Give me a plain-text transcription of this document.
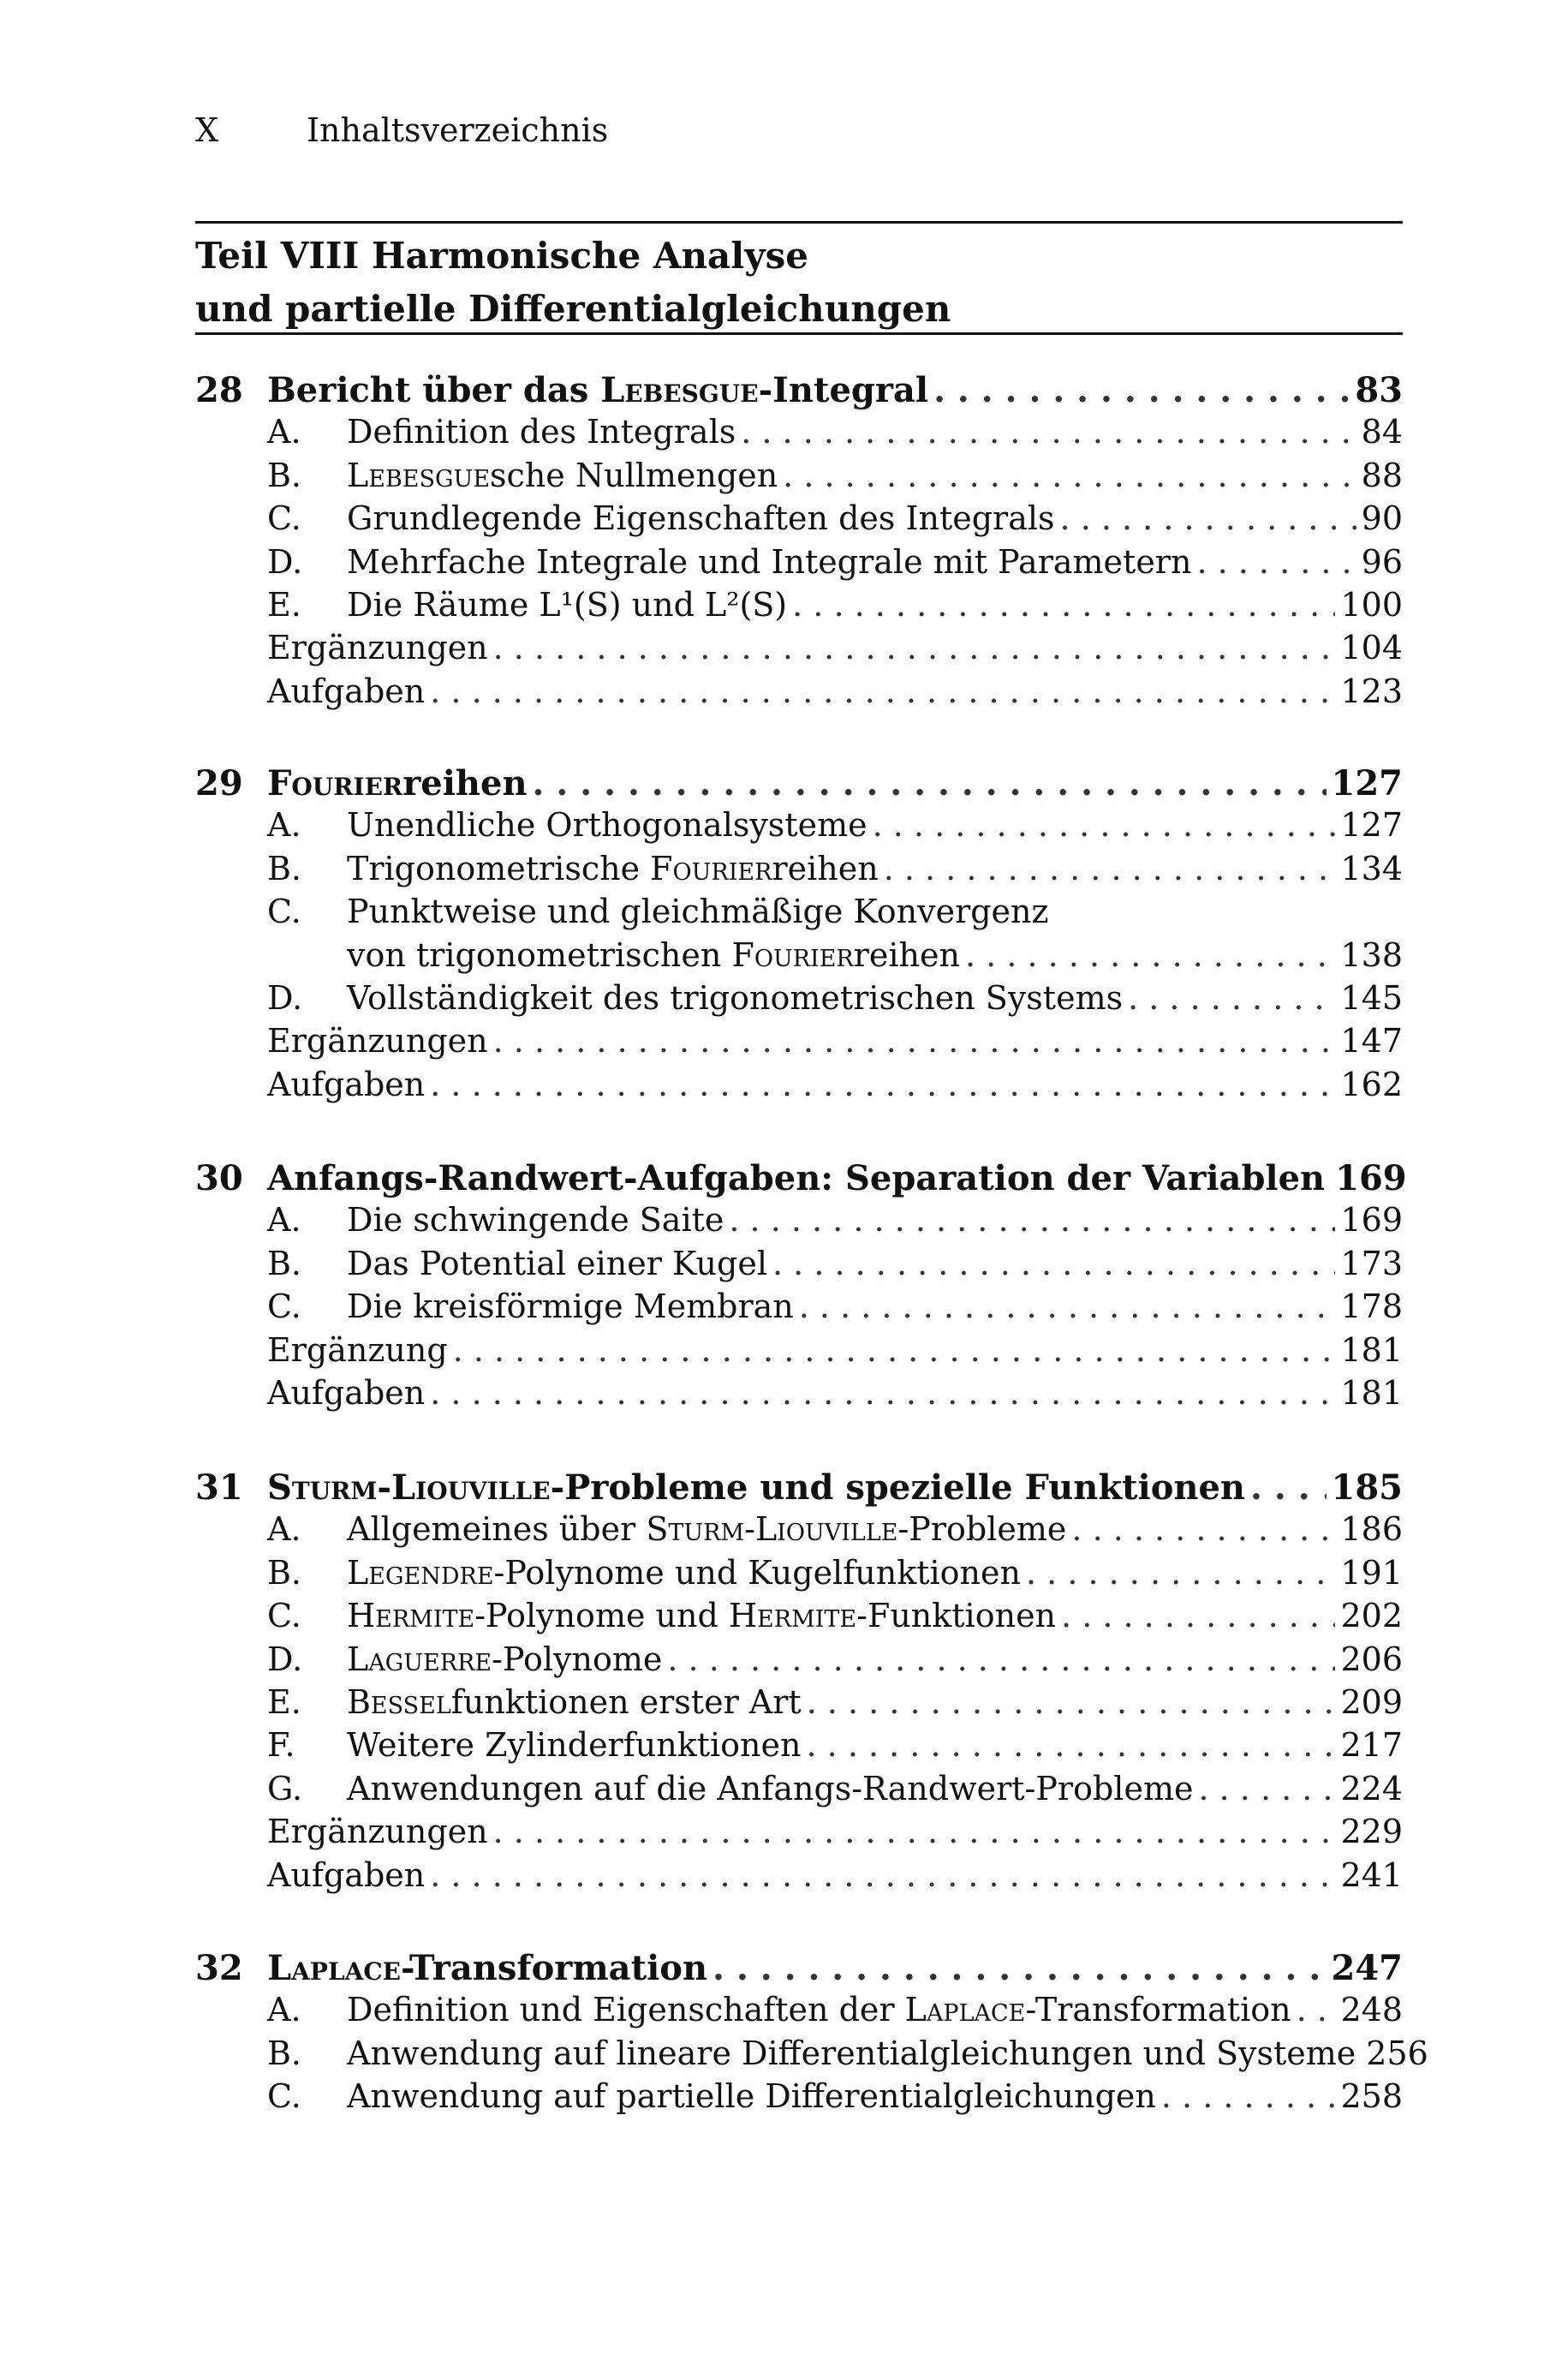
X	Inhaltsverzeichnis
Teil VIII Harmonische Analyse
und partielle Differentialgleichungen
28 Bericht über das Lebesgue-Integral . . .	83
A.	Definition des Integrals . . .	84
B.	Lebesguesche Nullmengen . . .	88
C.	Grundlegende Eigenschaften des Integrals . . .	90
D.	Mehrfache Integrale und Integrale mit Parametern . . .	96
E.	Die Räume L¹(S) und L²(S) . . .	100
Ergänzungen . . .	104
Aufgaben . . .	123
29 Fourierreihen . . .	127
A.	Unendliche Orthogonalsysteme . . .	127
B.	Trigonometrische Fourierreihen . . .	134
C.	Punktweise und gleichmäßige Konvergenz
von trigonometrischen Fourierreihen . . .	138
D.	Vollständigkeit des trigonometrischen Systems . . .	145
Ergänzungen . . .	147
Aufgaben . . .	162
30 Anfangs-Randwert-Aufgaben: Separation der Variablen 169
A.	Die schwingende Saite . . .	169
B.	Das Potential einer Kugel . . .	173
C.	Die kreisförmige Membran . . .	178
Ergänzung . . .	181
Aufgaben . . .	181
31 Sturm-Liouville-Probleme und spezielle Funktionen . . .	185
A.	Allgemeines über Sturm-Liouville-Probleme . . .	186
B.	Legendre-Polynome und Kugelfunktionen . . .	191
C.	Hermite-Polynome und Hermite-Funktionen . . .	202
D.	Laguerre-Polynome . . .	206
E.	Besselfunktionen erster Art . . .	209
F.	Weitere Zylinderfunktionen . . .	217
G.	Anwendungen auf die Anfangs-Randwert-Probleme . . .	224
Ergänzungen . . .	229
Aufgaben . . .	241
32 Laplace-Transformation . . .	247
A.	Definition und Eigenschaften der Laplace-Transformation . . . 248
B.	Anwendung auf lineare Differentialgleichungen und Systeme 256
C.	Anwendung auf partielle Differentialgleichungen . . .	258
